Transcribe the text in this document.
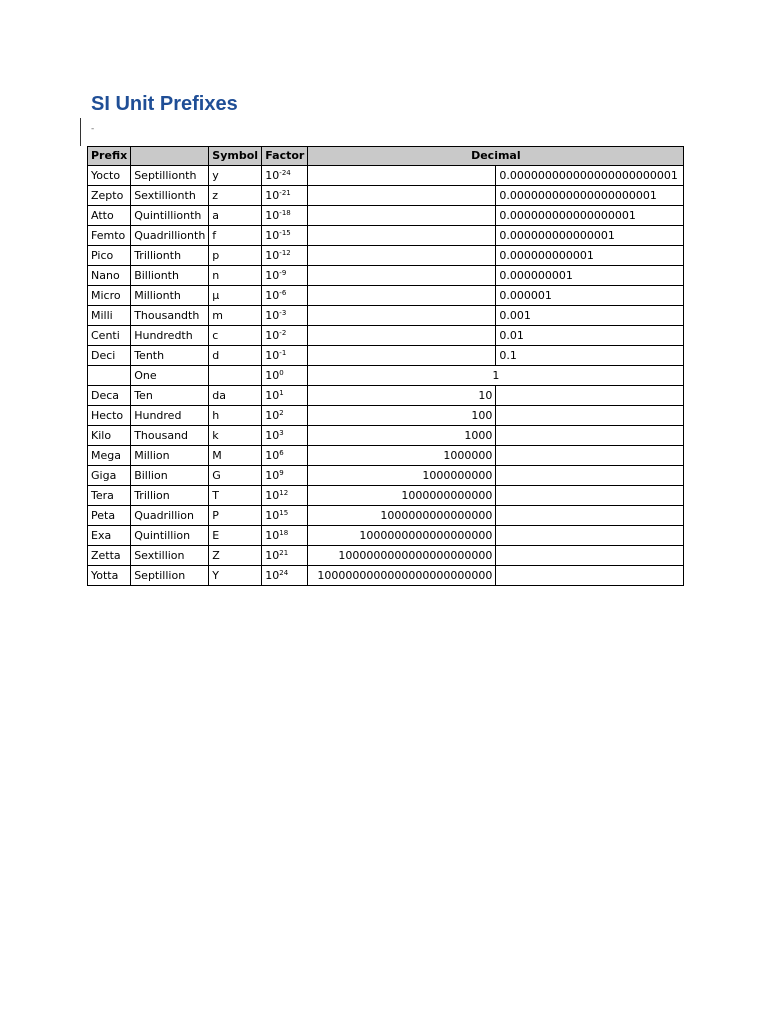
SI Unit Prefixes
-
Prefix		Symbol	Factor	Decimal	
Yocto	Septillionth	y	$10^{-24}$		0.000000000000000000000001
Zepto	Sextillionth	z	$10^{-21}$		0.000000000000000000001
Atto	Quintillionth	a	$10^{-18}$		0.000000000000000001
Femto	Quadrillionth	f	$10^{-15}$		0.000000000000001
Pico	Trillionth	p	$10^{-12}$		0.000000000001
Nano	Billionth	n	$10^{-9}$		0.000000001
Micro	Millionth	μ	$10^{-6}$		0.000001
Milli	Thousandth	m	$10^{-3}$		0.001
Centi	Hundredth	c	$10^{-2}$		0.01
Deci	Tenth	d	$10^{-1}$		0.1
	One		$10^0$	1	
Deca	Ten	da	$10^1$	10	
Hecto	Hundred	h	$10^2$	100	
Kilo	Thousand	k	$10^3$	1000	
Mega	Million	M	$10^6$	1000000	
Giga	Billion	G	$10^9$	1000000000	
Tera	Trillion	T	$10^{12}$	1000000000000	
Peta	Quadrillion	P	$10^{15}$	1000000000000000	
Exa	Quintillion	E	$10^{18}$	1000000000000000000	
Zetta	Sextillion	Z	$10^{21}$	1000000000000000000000	
Yotta	Septillion	Y	$10^{24}$	1000000000000000000000000	
